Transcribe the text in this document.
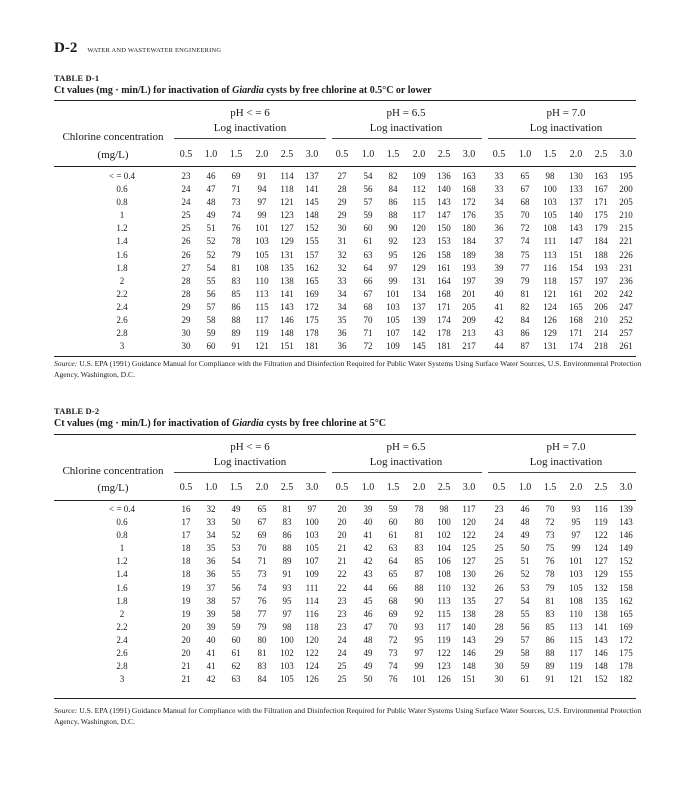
D-2 WATER AND WASTEWATER ENGINEERING
TABLE D-1
Ct values (mg · min/L) for inactivation of Giardia cysts by free chlorine at 0.5°C or lower
pH < = 6
Log inactivation
pH = 6.5
Log inactivation
pH = 7.0
Log inactivation
Chlorine concentration
(mg/L)	0.5	1.0	1.5	2.0	2.5	3.0	0.5	1.0	1.5	2.0	2.5	3.0	0.5	1.0	1.5	2.0	2.5	3.0
< = 0.4	23	46	69	91	114	137	27	54	82	109	136	163	33	65	98	130	163	195
0.6	24	47	71	94	118	141	28	56	84	112	140	168	33	67	100	133	167	200
0.8	24	48	73	97	121	145	29	57	86	115	143	172	34	68	103	137	171	205
1	25	49	74	99	123	148	29	59	88	117	147	176	35	70	105	140	175	210
1.2	25	51	76	101	127	152	30	60	90	120	150	180	36	72	108	143	179	215
1.4	26	52	78	103	129	155	31	61	92	123	153	184	37	74	111	147	184	221
1.6	26	52	79	105	131	157	32	63	95	126	158	189	38	75	113	151	188	226
1.8	27	54	81	108	135	162	32	64	97	129	161	193	39	77	116	154	193	231
2	28	55	83	110	138	165	33	66	99	131	164	197	39	79	118	157	197	236
2.2	28	56	85	113	141	169	34	67	101	134	168	201	40	81	121	161	202	242
2.4	29	57	86	115	143	172	34	68	103	137	171	205	41	82	124	165	206	247
2.6	29	58	88	117	146	175	35	70	105	139	174	209	42	84	126	168	210	252
2.8	30	59	89	119	148	178	36	71	107	142	178	213	43	86	129	171	214	257
3	30	60	91	121	151	181	36	72	109	145	181	217	44	87	131	174	218	261
Source: U.S. EPA (1991) Guidance Manual for Compliance with the Filtration and Disinfection Required for Public Water Systems Using Surface Water Sources, U.S. Environmental Protection Agency, Washington, D.C.
TABLE D-2
Ct values (mg · min/L) for inactivation of Giardia cysts by free chlorine at 5°C
pH < = 6
Log inactivation
pH = 6.5
Log inactivation
pH = 7.0
Log inactivation
Chlorine concentration
(mg/L)	0.5	1.0	1.5	2.0	2.5	3.0	0.5	1.0	1.5	2.0	2.5	3.0	0.5	1.0	1.5	2.0	2.5	3.0
< = 0.4	16	32	49	65	81	97	20	39	59	78	98	117	23	46	70	93	116	139
0.6	17	33	50	67	83	100	20	40	60	80	100	120	24	48	72	95	119	143
0.8	17	34	52	69	86	103	20	41	61	81	102	122	24	49	73	97	122	146
1	18	35	53	70	88	105	21	42	63	83	104	125	25	50	75	99	124	149
1.2	18	36	54	71	89	107	21	42	64	85	106	127	25	51	76	101	127	152
1.4	18	36	55	73	91	109	22	43	65	87	108	130	26	52	78	103	129	155
1.6	19	37	56	74	93	111	22	44	66	88	110	132	26	53	79	105	132	158
1.8	19	38	57	76	95	114	23	45	68	90	113	135	27	54	81	108	135	162
2	19	39	58	77	97	116	23	46	69	92	115	138	28	55	83	110	138	165
2.2	20	39	59	79	98	118	23	47	70	93	117	140	28	56	85	113	141	169
2.4	20	40	60	80	100	120	24	48	72	95	119	143	29	57	86	115	143	172
2.6	20	41	61	81	102	122	24	49	73	97	122	146	29	58	88	117	146	175
2.8	21	41	62	83	103	124	25	49	74	99	123	148	30	59	89	119	148	178
3	21	42	63	84	105	126	25	50	76	101	126	151	30	61	91	121	152	182
Source: U.S. EPA (1991) Guidance Manual for Compliance with the Filtration and Disinfection Required for Public Water Systems Using Surface Water Sources, U.S. Environmental Protection Agency, Washington, D.C.
